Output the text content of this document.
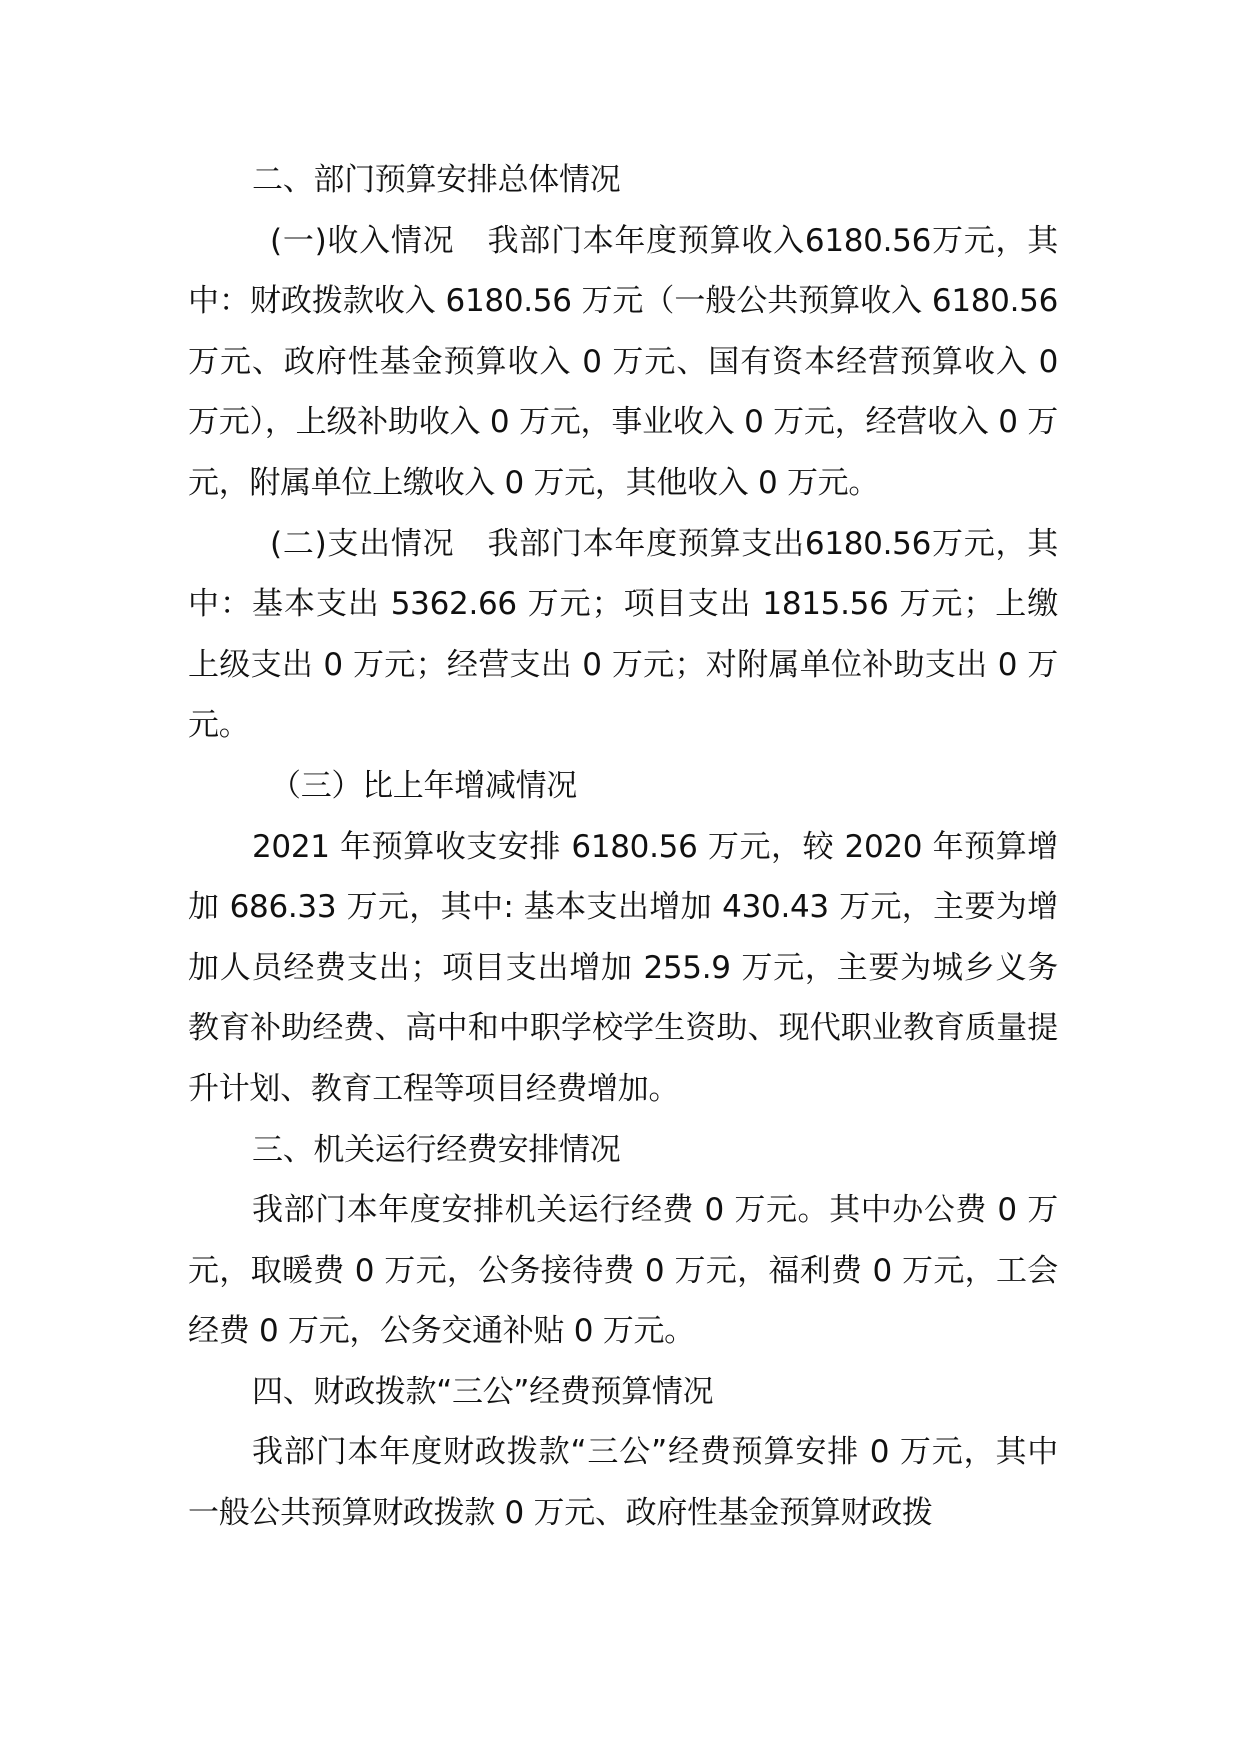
二、部门预算安排总体情况

(一)收入情况 我部门本年度预算收入6180.56万元，其中：财政拨款收入 6180.56 万元（一般公共预算收入 6180.56 万元、政府性基金预算收入 0 万元、国有资本经营预算收入 0 万元），上级补助收入 0 万元，事业收入 0 万元，经营收入 0 万元，附属单位上缴收入 0 万元，其他收入 0 万元。

(二)支出情况 我部门本年度预算支出6180.56万元，其中：基本支出 5362.66 万元；项目支出 1815.56 万元；上缴上级支出 0 万元；经营支出 0 万元；对附属单位补助支出 0 万元。

（三）比上年增减情况

2021 年预算收支安排 6180.56 万元，较 2020 年预算增加 686.33 万元，其中: 基本支出增加 430.43 万元，主要为增加人员经费支出；项目支出增加 255.9 万元，主要为城乡义务教育补助经费、高中和中职学校学生资助、现代职业教育质量提升计划、教育工程等项目经费增加。

三、机关运行经费安排情况

我部门本年度安排机关运行经费 0 万元。其中办公费 0 万元，取暖费 0 万元，公务接待费 0 万元，福利费 0 万元，工会经费 0 万元，公务交通补贴 0 万元。

四、财政拨款“三公”经费预算情况

我部门本年度财政拨款“三公”经费预算安排 0 万元，其中一般公共预算财政拨款 0 万元、政府性基金预算财政拨
